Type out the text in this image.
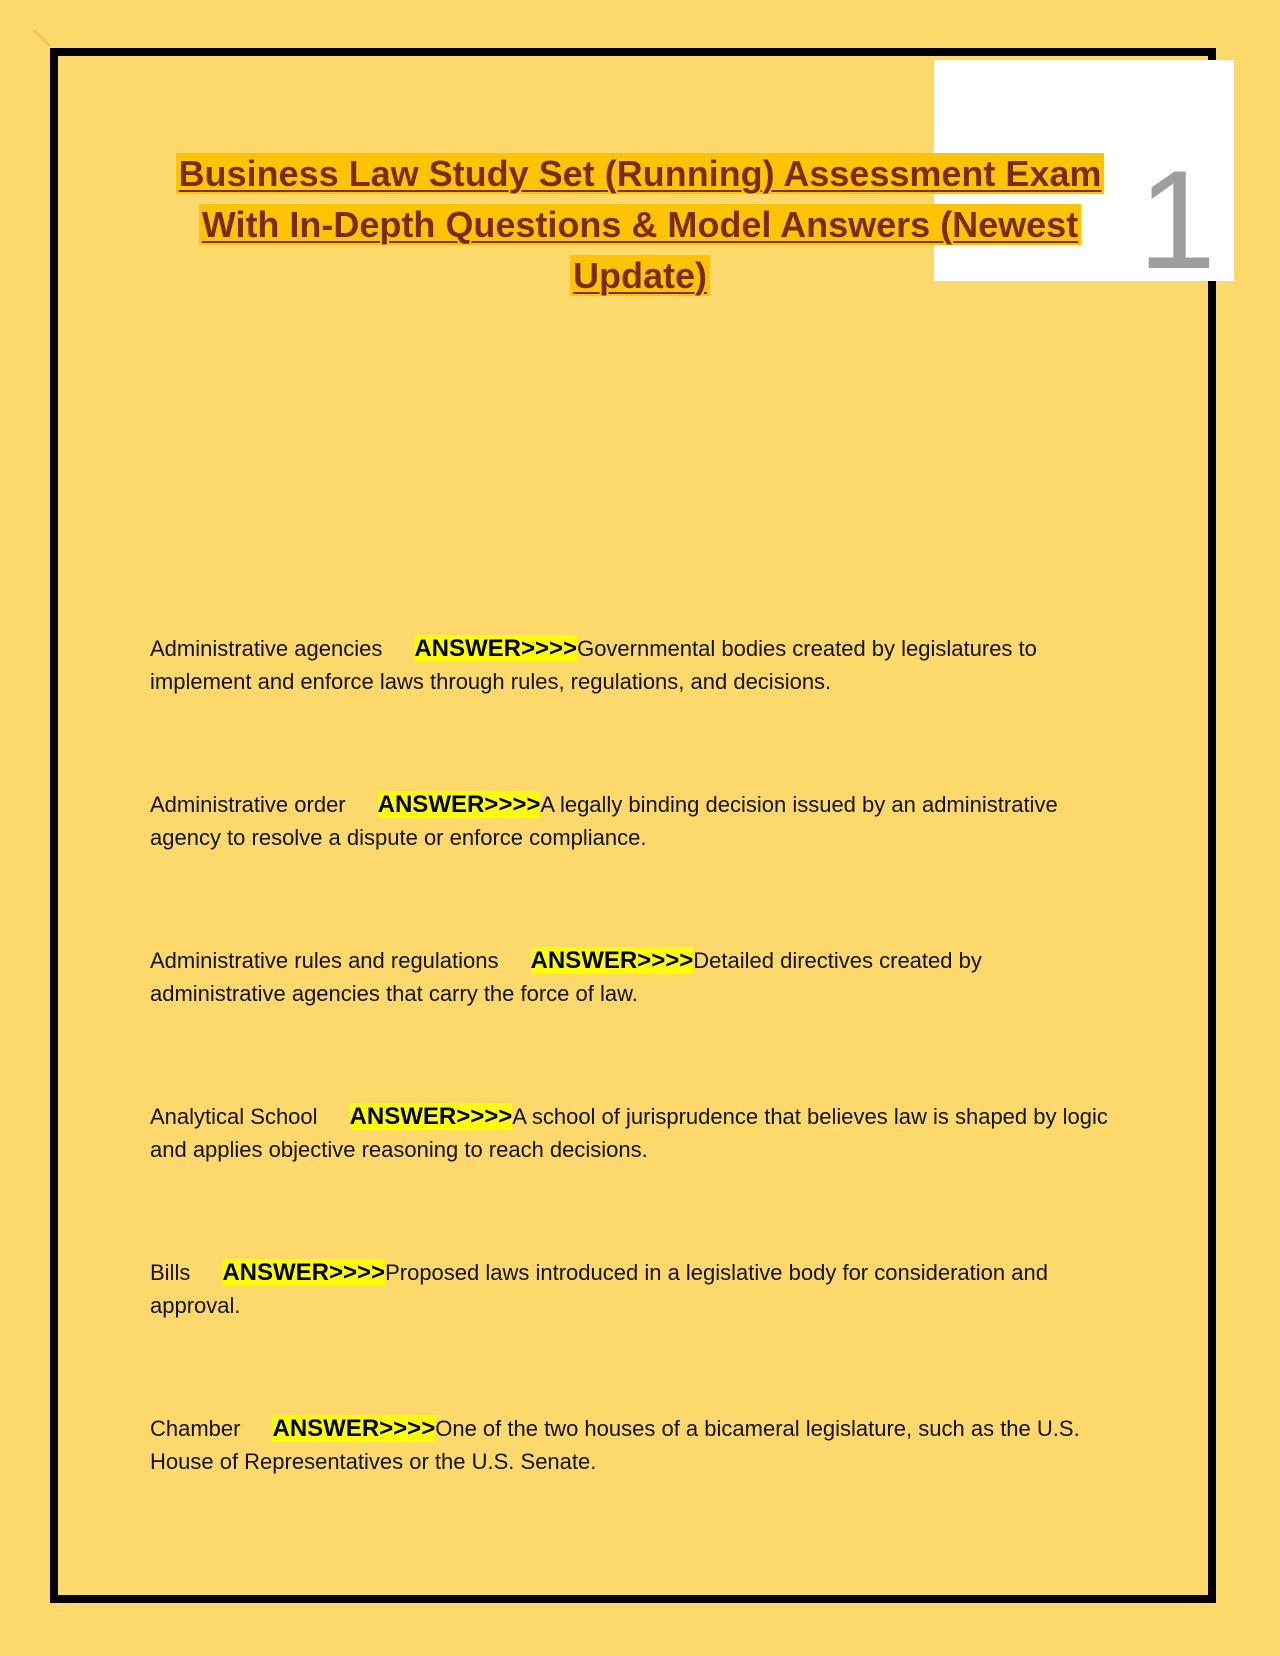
1
Business Law Study Set (Running) Assessment Exam
With In-Depth Questions & Model Answers (Newest
Update)
Administrative agencies ANSWER>>>>Governmental bodies created by legislatures to implement and enforce laws through rules, regulations, and decisions.
Administrative order ANSWER>>>>A legally binding decision issued by an administrative agency to resolve a dispute or enforce compliance.
Administrative rules and regulations ANSWER>>>>Detailed directives created by administrative agencies that carry the force of law.
Analytical School ANSWER>>>>A school of jurisprudence that believes law is shaped by logic and applies objective reasoning to reach decisions.
Bills ANSWER>>>>Proposed laws introduced in a legislative body for consideration and approval.
Chamber ANSWER>>>>One of the two houses of a bicameral legislature, such as the U.S. House of Representatives or the U.S. Senate.
